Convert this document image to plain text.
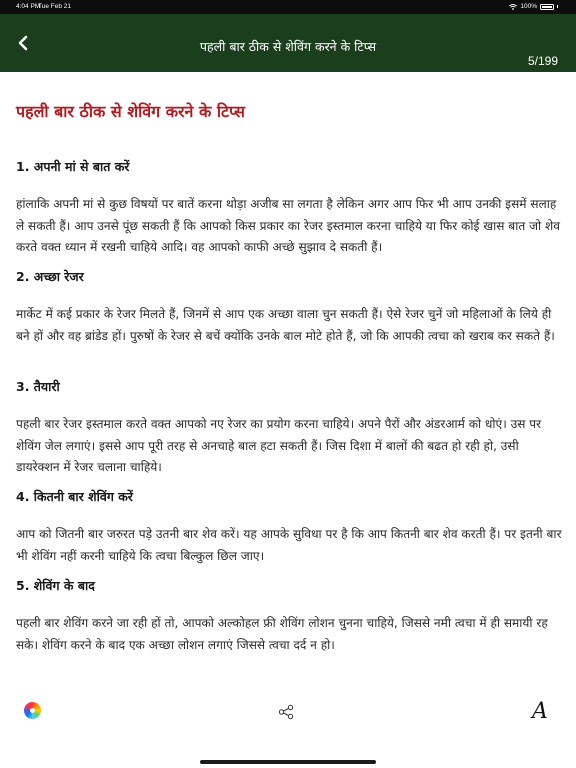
4:04 PM
Tue Feb 21	100%
पहली बार ठीक से शेविंग करने के टिप्स
5/199
पहली बार ठीक से शेविंग करने के टिप्स
1. अपनी मां से बात करें
हांलाकि अपनी मां से कुछ विषयों पर बातें करना थोड़ा अजीब सा लगता है लेकिन अगर आप फिर भी आप उनकी इसमें सलाह ले सकती हैं। आप उनसे पूंछ सकती हैं कि आपको किस प्रकार का रेजर इस्तमाल करना चाहिये या फिर कोई खास बात जो शेव करते वक्त ध्यान में रखनी चाहिये आदि। वह आपको काफी अच्छे सुझाव दे सकती हैं।
2. अच्छा रेजर
मार्केट में कई प्रकार के रेजर मिलते हैं, जिनमें से आप एक अच्छा वाला चुन सकती हैं। ऐसे रेजर चुनें जो महिलाओं के लिये ही बने हों और वह ब्रांडेड हों। पुरुषों के रेजर से बचें क्योंकि उनके बाल मोटे होते हैं, जो कि आपकी त्वचा को खराब कर सकते हैं।
3. तैयारी
पहली बार रेजर इस्तमाल करते वक्त आपको नए रेजर का प्रयोग करना चाहिये। अपने पैरों और अंडरआर्म को धोएं। उस पर शेविंग जेल लगाएं। इससे आप पूरी तरह से अनचाहे बाल हटा सकती हैं। जिस दिशा में बालों की बढत हो रही हो, उसी डायरेक्शन में रेजर चलाना चाहिये।
4. कितनी बार शेविंग करें
आप को जितनी बार जरुरत पड़े उतनी बार शेव करें। यह आपके सुविधा पर है कि आप कितनी बार शेव करती हैं। पर इतनी बार भी शेविंग नहीं करनी चाहिये कि त्वचा बिल्कुल छिल जाए।
5. शेविंग के बाद
पहली बार शेविंग करने जा रही हों तो, आपको अल्कोहल फ्री शेविंग लोशन चुनना चाहिये, जिससे नमी त्वचा में ही समायी रह सके। शेविंग करने के बाद एक अच्छा लोशन लगाएं जिससे त्वचा दर्द न हो।
A
